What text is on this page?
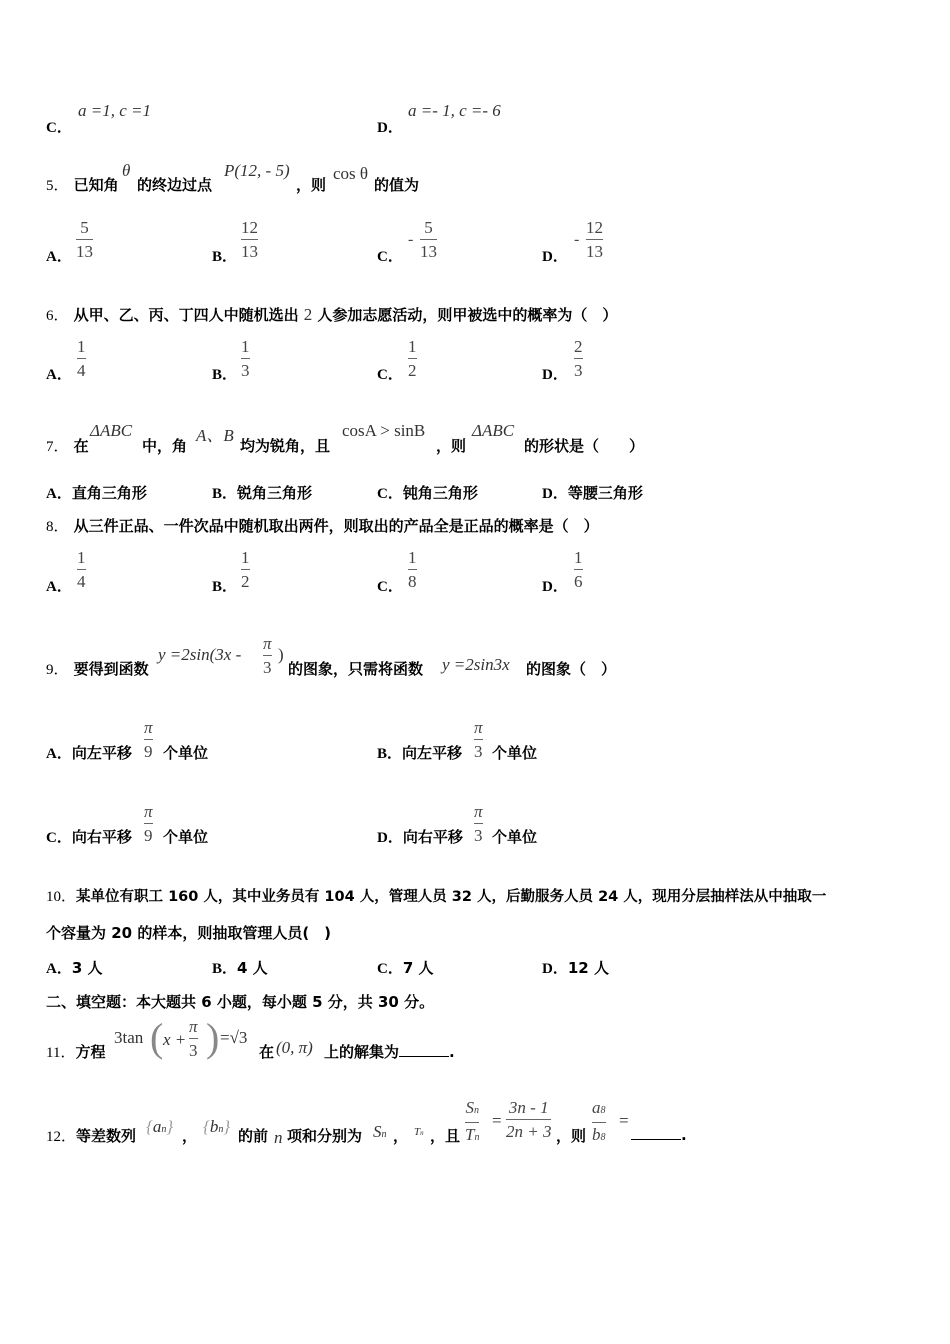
C．
a =1, c =1
D．
a =- 1, c =- 6
5． 已知角
θ
的终边过点
P(12, - 5)
，则
cos θ
的值为
A．
5
13	B．
12
13	C．
-
5
13	D．
-
12
13
6． 从甲、乙、丙、丁四人中随机选出 2 人参加志愿活动，则甲被选中的概率为（　）
A．
1
4	B．
1
3	C．
1
2	D．
2
3
7． 在
ΔABC
中，角
A、B
均为锐角，且
cosA > sinB
，则
ΔABC
的形状是（　　）
A．直角三角形	B．锐角三角形	C．钝角三角形	D．等腰三角形
8． 从三件正品、一件次品中随机取出两件，则取出的产品全是正品的概率是（　）
A．
1
4	B．
1
2	C．
1
8	D．
1
6
9． 要得到函数
y =2sin(3x -
π
3
)
的图象，只需将函数 y =2sin3x 的图象（　）
A．向左平移
π
9 个单位	B．向左平移
π
3 个单位
C．向右平移
π
9 个单位	D．向右平移
π
3 个单位
10．某单位有职工 160 人，其中业务员有 104 人，管理人员 32 人，后勤服务人员 24 人，现用分层抽样法从中抽取一
个容量为 20 的样本，则抽取管理人员(　)
A．3 人	B．4 人	C．7 人	D．12 人
二、填空题：本大题共 6 小题，每小题 5 分，共 30 分。
11．方程
3tan ( x +
π
3 ) =√3
在 (0, π) 上的解集为	.
12．等差数列 {an} ， {bn} 的前 n 项和分别为 Sn ， Tn ，且
Sn
Tn
=
3n - 1
2n + 3 ，则
a8
b8
=
.
